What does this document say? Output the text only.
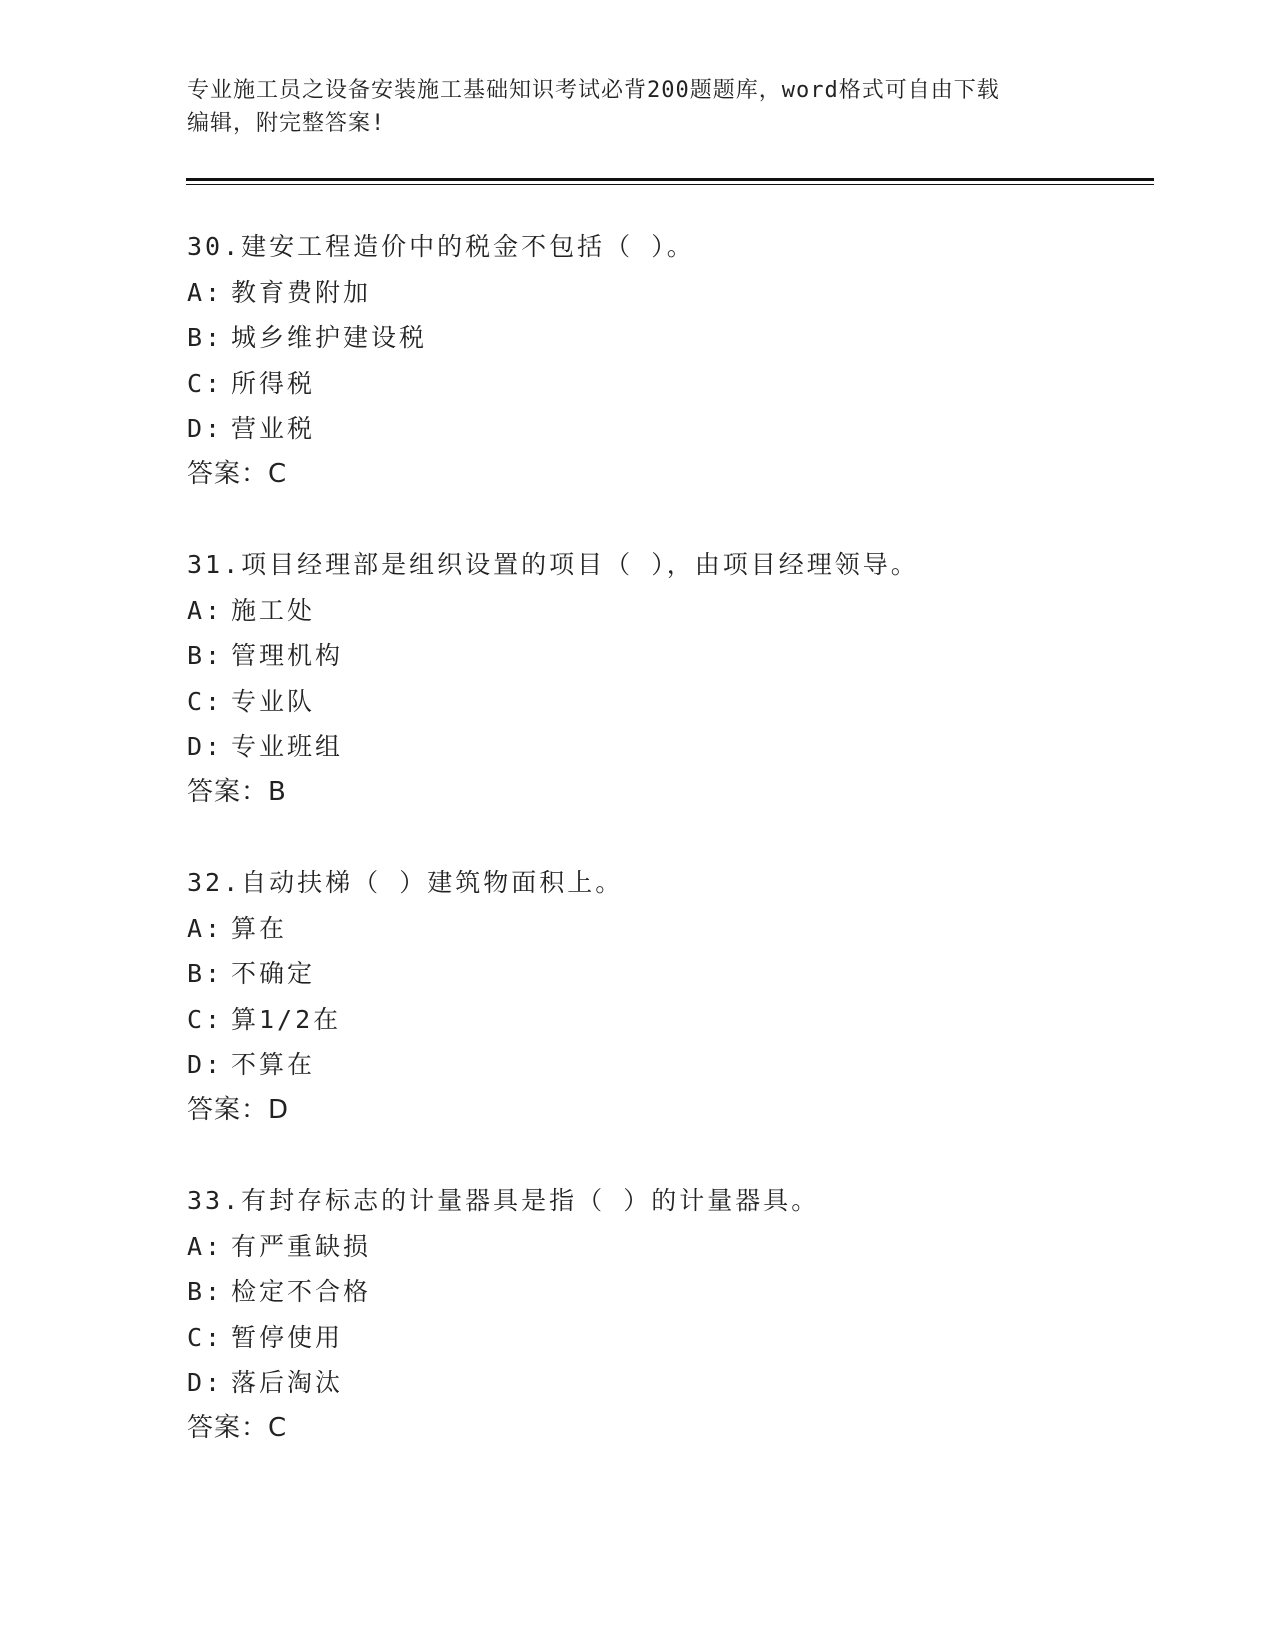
专业施工员之设备安装施工基础知识考试必背200题题库，word格式可自由下载
编辑，附完整答案!
30. 建安工程造价中的税金不包括（ ）。
A: 教育费附加
B: 城乡维护建设税
C: 所得税
D: 营业税
答案：C
31. 项目经理部是组织设置的项目（ ），由项目经理领导。
A: 施工处
B: 管理机构
C: 专业队
D: 专业班组
答案：B
32. 自动扶梯（ ）建筑物面积上。
A: 算在
B: 不确定
C: 算1/2在
D: 不算在
答案：D
33. 有封存标志的计量器具是指（ ）的计量器具。
A: 有严重缺损
B: 检定不合格
C: 暂停使用
D: 落后淘汰
答案：C
